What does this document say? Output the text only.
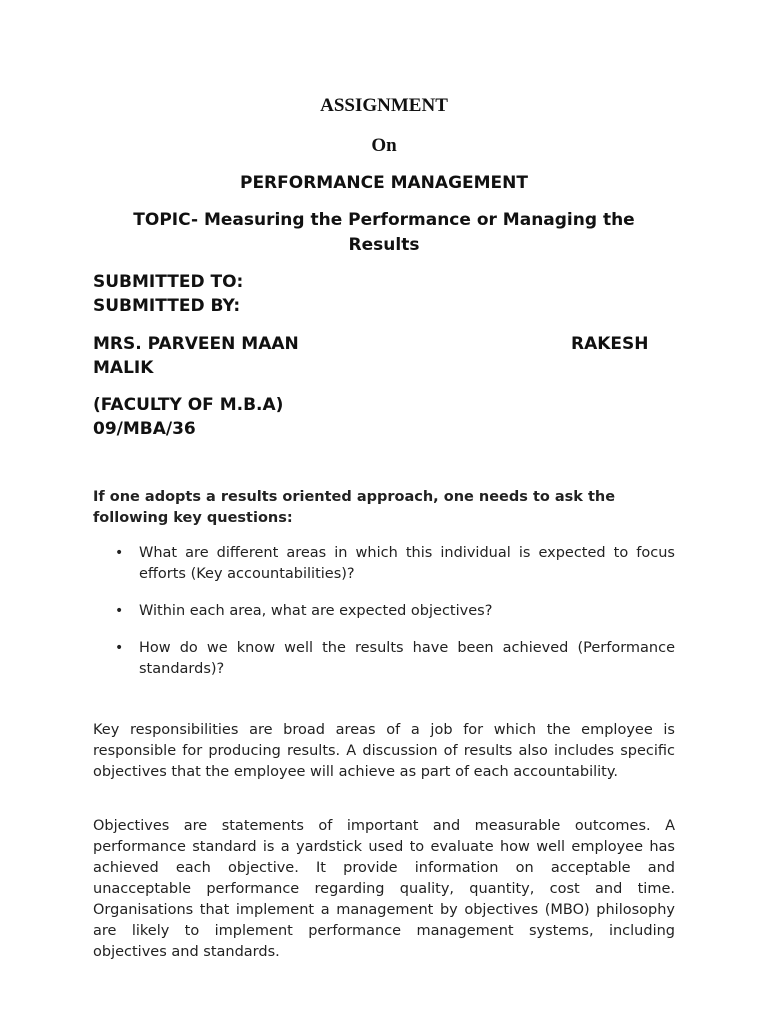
ASSIGNMENT
On
PERFORMANCE MANAGEMENT
TOPIC- Measuring the Performance or Managing the Results
SUBMITTED TO:
SUBMITTED BY:
MRS. PARVEEN MAAN	RAKESH
MALIK
(FACULTY OF M.B.A)
09/MBA/36
If one adopts a results oriented approach, one needs to ask the following key questions:
• What are different areas in which this individual is expected to focus efforts (Key accountabilities)?
• Within each area, what are expected objectives?
• How do we know well the results have been achieved (Performance standards)?
Key responsibilities are broad areas of a job for which the employee is responsible for producing results. A discussion of results also includes specific objectives that the employee will achieve as part of each accountability.
Objectives are statements of important and measurable outcomes. A performance standard is a yardstick used to evaluate how well employee has achieved each objective. It provide information on acceptable and unacceptable performance regarding quality, quantity, cost and time. Organisations that implement a management by objectives (MBO) philosophy are likely to implement performance management systems, including objectives and standards.
